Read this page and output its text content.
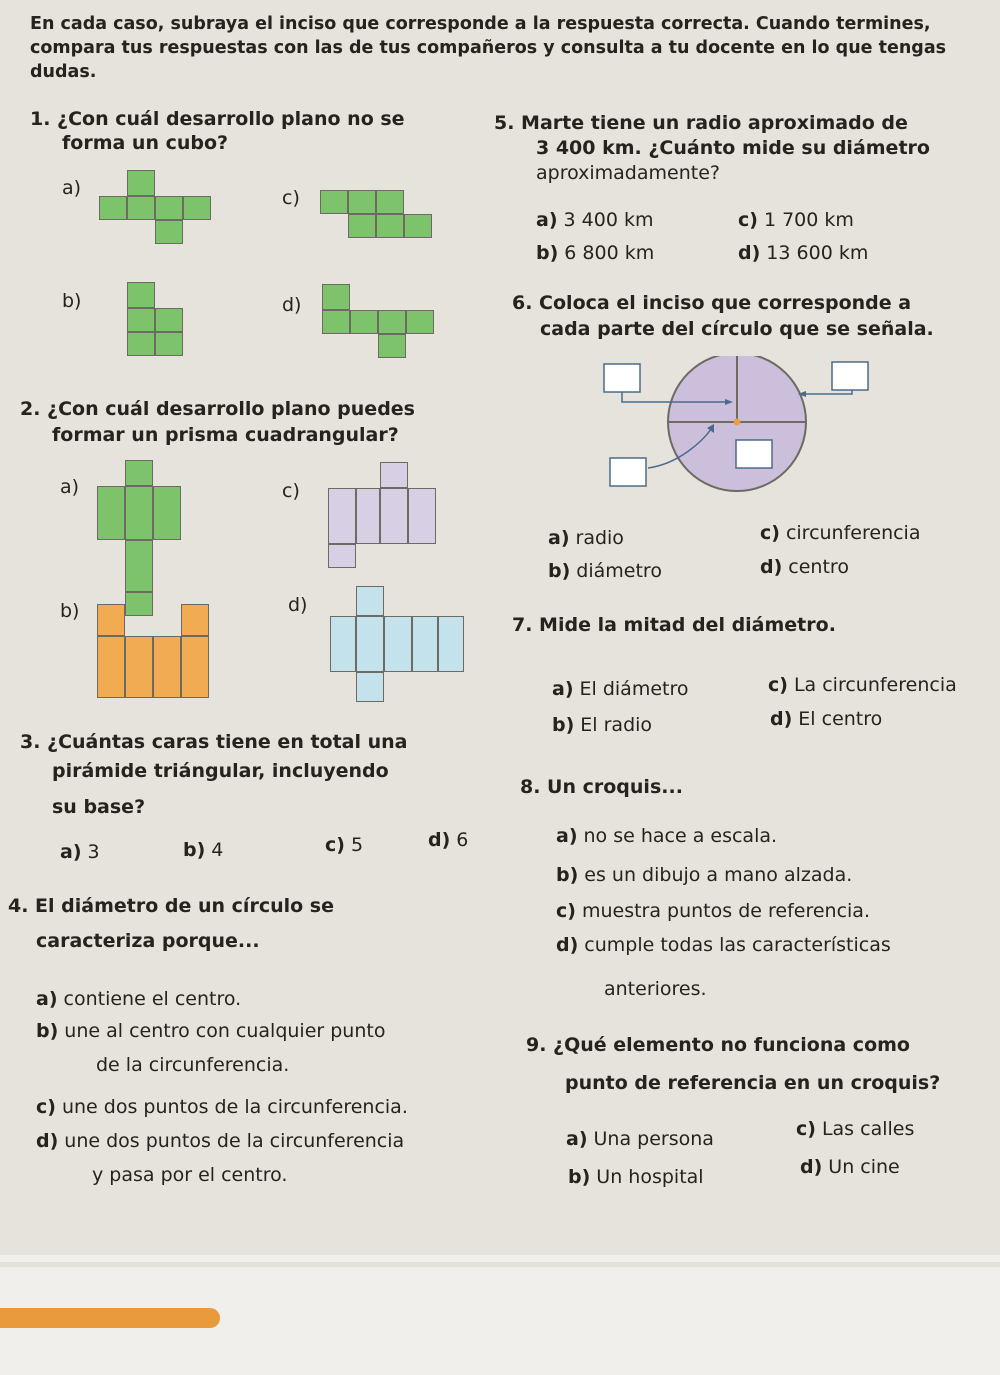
En cada caso, subraya el inciso que corresponde a la respuesta correcta. Cuando termines, compara tus respuestas con las de tus compañeros y consulta a tu docente en lo que tengas dudas.
1. ¿Con cuál desarrollo plano no se
forma un cubo?
a)	c)
b)	d)
2. ¿Con cuál desarrollo plano puedes
formar un prisma cuadrangular?
a)	c)
b)	d)
3. ¿Cuántas caras tiene en total una
pirámide triángular, incluyendo
su base?
a) 3	b) 4	c) 5	d) 6
4. El diámetro de un círculo se
caracteriza porque...
a) contiene el centro.
b) une al centro con cualquier punto
de la circunferencia.
c) une dos puntos de la circunferencia.
d) une dos puntos de la circunferencia
y pasa por el centro.
5. Marte tiene un radio aproximado de
3 400 km. ¿Cuánto mide su diámetro
aproximadamente?
a) 3 400 km	c) 1 700 km
b) 6 800 km	d) 13 600 km
6. Coloca el inciso que corresponde a
cada parte del círculo que se señala.
a) radio	c) circunferencia
b) diámetro	d) centro
7. Mide la mitad del diámetro.
a) El diámetro	c) La circunferencia
b) El radio	d) El centro
8. Un croquis...
a) no se hace a escala.
b) es un dibujo a mano alzada.
c) muestra puntos de referencia.
d) cumple todas las características
anteriores.
9. ¿Qué elemento no funciona como
punto de referencia en un croquis?
a) Una persona	c) Las calles
b) Un hospital	d) Un cine
